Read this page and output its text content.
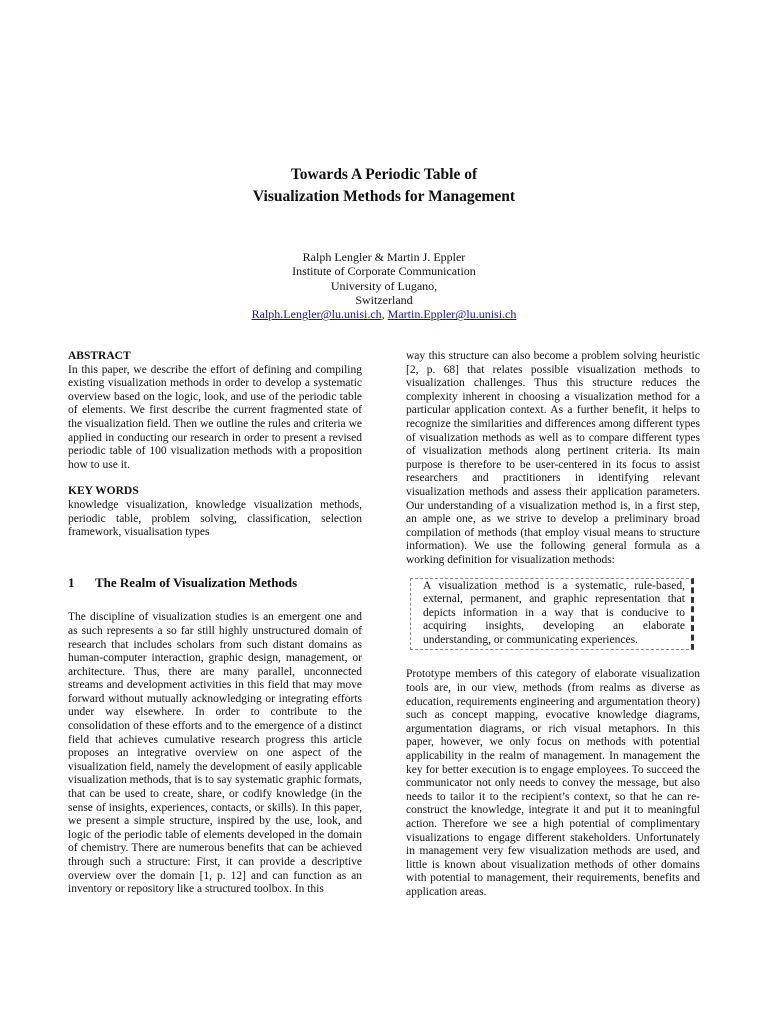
Towards A Periodic Table of
Visualization Methods for Management
Ralph Lengler & Martin J. Eppler
Institute of Corporate Communication
University of Lugano,
Switzerland
Ralph.Lengler@lu.unisi.ch, Martin.Eppler@lu.unisi.ch

ABSTRACT

In this paper, we describe the effort of defining and compiling existing visualization methods in order to develop a systematic overview based on the logic, look, and use of the periodic table of elements. We first describe the current fragmented state of the visualization field. Then we outline the rules and criteria we applied in conducting our research in order to present a revised periodic table of 100 visualization methods with a proposition how to use it.

KEY WORDS

knowledge visualization, knowledge visualization methods, periodic table, problem solving, classification, selection framework, visualisation types

1 The Realm of Visualization Methods

The discipline of visualization studies is an emergent one and as such represents a so far still highly unstructured domain of research that includes scholars from such distant domains as human-computer interaction, graphic design, management, or architecture. Thus, there are many parallel, unconnected streams and development activities in this field that may move forward without mutually acknowledging or integrating efforts under way elsewhere. In order to contribute to the consolidation of these efforts and to the emergence of a distinct field that achieves cumulative research progress this article proposes an integrative overview on one aspect of the visualization field, namely the development of easily applicable visualization methods, that is to say systematic graphic formats, that can be used to create, share, or codify knowledge (in the sense of insights, experiences, contacts, or skills). In this paper, we present a simple structure, inspired by the use, look, and logic of the periodic table of elements developed in the domain of chemistry. There are numerous benefits that can be achieved through such a structure: First, it can provide a descriptive overview over the domain [1, p. 12] and can function as an inventory or repository like a structured toolbox. In this

way this structure can also become a problem solving heuristic [2, p. 68] that relates possible visualization methods to visualization challenges. Thus this structure reduces the complexity inherent in choosing a visualization method for a particular application context. As a further benefit, it helps to recognize the similarities and differences among different types of visualization methods as well as to compare different types of visualization methods along pertinent criteria. Its main purpose is therefore to be user-centered in its focus to assist researchers and practitioners in identifying relevant visualization methods and assess their application parameters. Our understanding of a visualization method is, in a first step, an ample one, as we strive to develop a preliminary broad compilation of methods (that employ visual means to structure information). We use the following general formula as a working definition for visualization methods:

A visualization method is a systematic, rule-based, external, permanent, and graphic representation that depicts information in a way that is conducive to acquiring insights, developing an elaborate understanding, or communicating experiences.

Prototype members of this category of elaborate visualization tools are, in our view, methods (from realms as diverse as education, requirements engineering and argumentation theory) such as concept mapping, evocative knowledge diagrams, argumentation diagrams, or rich visual metaphors. In this paper, however, we only focus on methods with potential applicability in the realm of management. In management the key for better execution is to engage employees. To succeed the communicator not only needs to convey the message, but also needs to tailor it to the recipient’s context, so that he can re-construct the knowledge, integrate it and put it to meaningful action. Therefore we see a high potential of complimentary visualizations to engage different stakeholders. Unfortunately in management very few visualization methods are used, and little is known about visualization methods of other domains with potential to management, their requirements, benefits and application areas.
